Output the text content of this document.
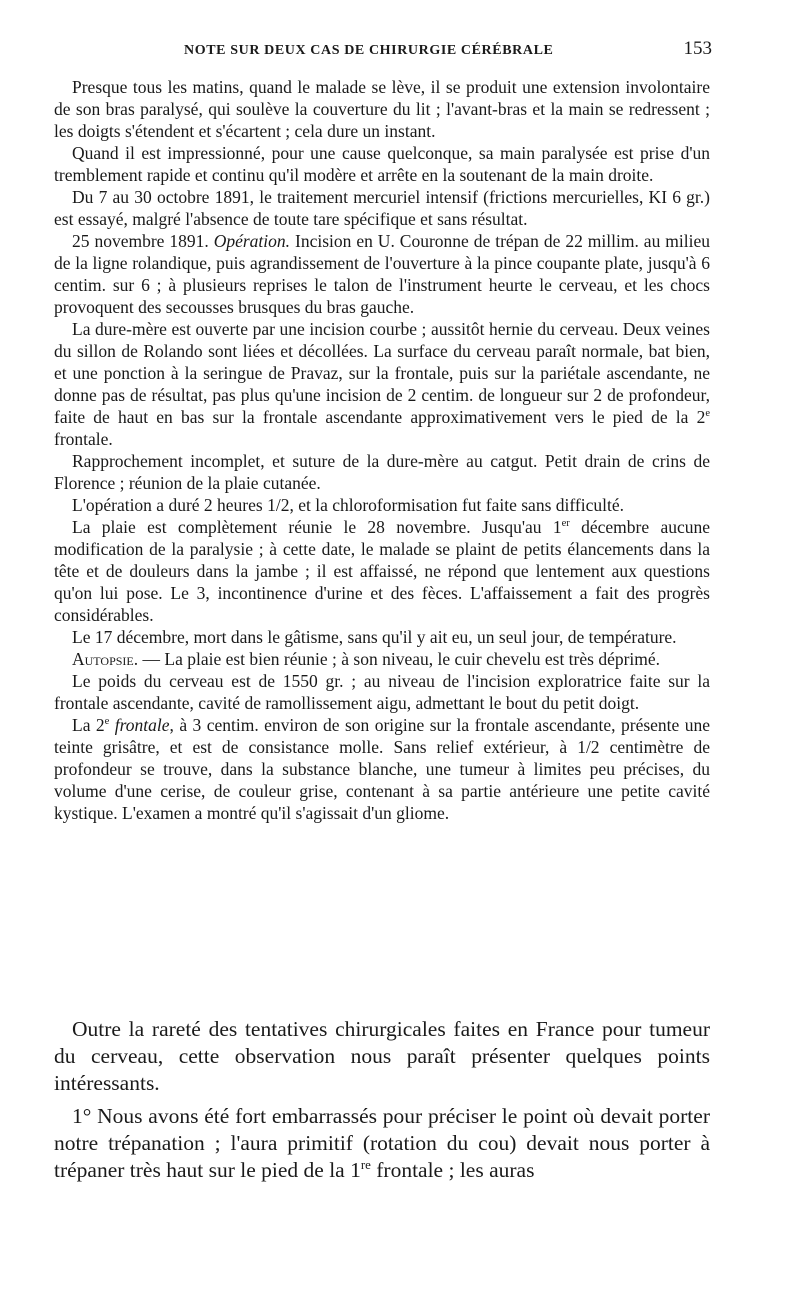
NOTE SUR DEUX CAS DE CHIRURGIE CÉRÉBRALE	153

Presque tous les matins, quand le malade se lève, il se produit une extension involontaire de son bras paralysé, qui soulève la couverture du lit ; l'avant-bras et la main se redressent ; les doigts s'étendent et s'écartent ; cela dure un instant.

Quand il est impressionné, pour une cause quelconque, sa main paralysée est prise d'un tremblement rapide et continu qu'il modère et arrête en la soutenant de la main droite.

Du 7 au 30 octobre 1891, le traitement mercuriel intensif (frictions mercurielles, KI 6 gr.) est essayé, malgré l'absence de toute tare spécifique et sans résultat.

25 novembre 1891. Opération. Incision en U. Couronne de trépan de 22 millim. au milieu de la ligne rolandique, puis agrandissement de l'ouverture à la pince coupante plate, jusqu'à 6 centim. sur 6 ; à plusieurs reprises le talon de l'instrument heurte le cerveau, et les chocs provoquent des secousses brusques du bras gauche.

La dure-mère est ouverte par une incision courbe ; aussitôt hernie du cerveau. Deux veines du sillon de Rolando sont liées et décollées. La surface du cerveau paraît normale, bat bien, et une ponction à la seringue de Pravaz, sur la frontale, puis sur la pariétale ascendante, ne donne pas de résultat, pas plus qu'une incision de 2 centim. de longueur sur 2 de profondeur, faite de haut en bas sur la frontale ascendante approximativement vers le pied de la 2e frontale.

Rapprochement incomplet, et suture de la dure-mère au catgut. Petit drain de crins de Florence ; réunion de la plaie cutanée.

L'opération a duré 2 heures 1/2, et la chloroformisation fut faite sans difficulté.

La plaie est complètement réunie le 28 novembre. Jusqu'au 1er décembre aucune modification de la paralysie ; à cette date, le malade se plaint de petits élancements dans la tête et de douleurs dans la jambe ; il est affaissé, ne répond que lentement aux questions qu'on lui pose. Le 3, incontinence d'urine et des fèces. L'affaissement a fait des progrès considérables.

Le 17 décembre, mort dans le gâtisme, sans qu'il y ait eu, un seul jour, de température.

Autopsie. — La plaie est bien réunie ; à son niveau, le cuir chevelu est très déprimé.

Le poids du cerveau est de 1550 gr. ; au niveau de l'incision exploratrice faite sur la frontale ascendante, cavité de ramollissement aigu, admettant le bout du petit doigt.

La 2e frontale, à 3 centim. environ de son origine sur la frontale ascendante, présente une teinte grisâtre, et est de consistance molle. Sans relief extérieur, à 1/2 centimètre de profondeur se trouve, dans la substance blanche, une tumeur à limites peu précises, du volume d'une cerise, de couleur grise, contenant à sa partie antérieure une petite cavité kystique. L'examen a montré qu'il s'agissait d'un gliome.

Outre la rareté des tentatives chirurgicales faites en France pour tumeur du cerveau, cette observation nous paraît présenter quelques points intéressants.

1° Nous avons été fort embarrassés pour préciser le point où devait porter notre trépanation ; l'aura primitif (rotation du cou) devait nous porter à trépaner très haut sur le pied de la 1re frontale ; les auras
